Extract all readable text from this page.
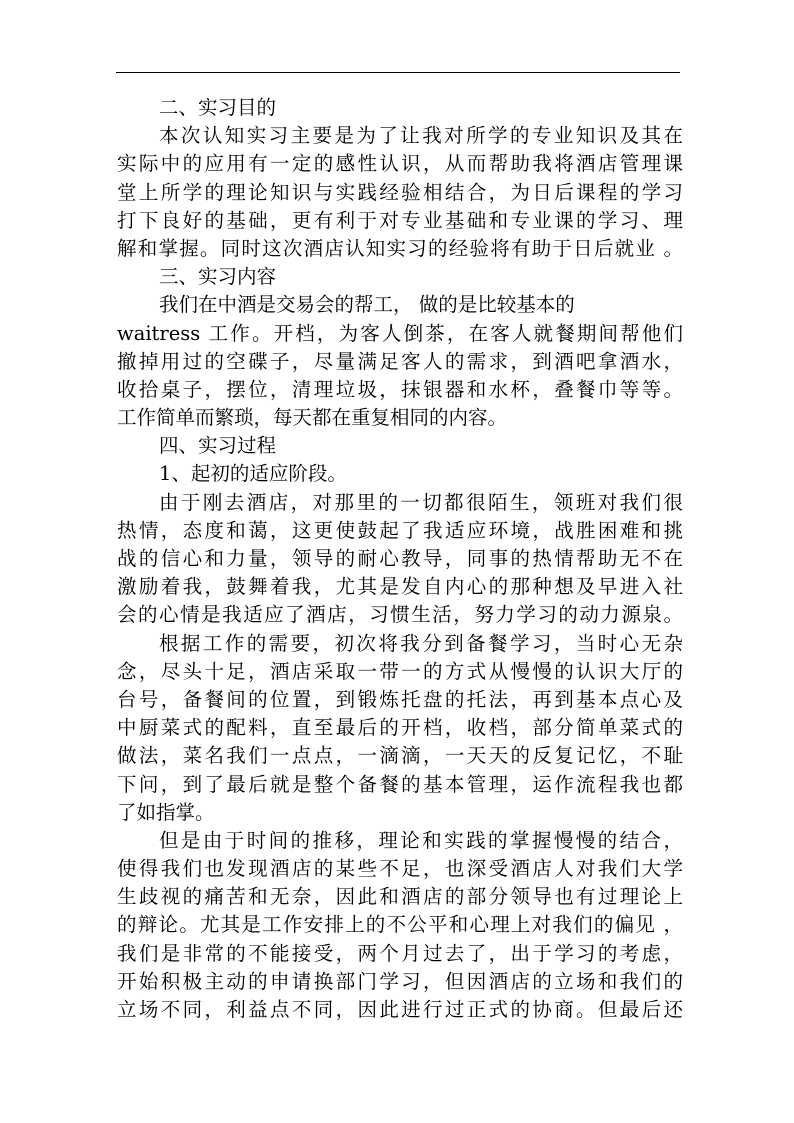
二、实习目的
本次认知实习主要是为了让我对所学的专业知识及其在
实际中的应用有一定的感性认识，从而帮助我将酒店管理课
堂上所学的理论知识与实践经验相结合，为日后课程的学习
打下良好的基础，更有利于对专业基础和专业课的学习、理
解和掌握。同时这次酒店认知实习的经验将有助于日后就业 。
三、实习内容
我们在中酒是交易会的帮工， 做的是比较基本的
waitress 工作。开档，为客人倒茶，在客人就餐期间帮他们
撤掉用过的空碟子，尽量满足客人的需求，到酒吧拿酒水，
收拾桌子，摆位，清理垃圾，抹银器和水杯，叠餐巾等等。
工作简单而繁琐，每天都在重复相同的内容。
四、实习过程
1、起初的适应阶段。
由于刚去酒店，对那里的一切都很陌生，领班对我们很
热情，态度和蔼，这更使鼓起了我适应环境，战胜困难和挑
战的信心和力量，领导的耐心教导，同事的热情帮助无不在
激励着我，鼓舞着我，尤其是发自内心的那种想及早进入社
会的心情是我适应了酒店，习惯生活，努力学习的动力源泉。
根据工作的需要，初次将我分到备餐学习，当时心无杂
念，尽头十足，酒店采取一带一的方式从慢慢的认识大厅的
台号，备餐间的位置，到锻炼托盘的托法，再到基本点心及
中厨菜式的配料，直至最后的开档，收档，部分简单菜式的
做法，菜名我们一点点，一滴滴，一天天的反复记忆，不耻
下问，到了最后就是整个备餐的基本管理，运作流程我也都
了如指掌。
但是由于时间的推移，理论和实践的掌握慢慢的结合，
使得我们也发现酒店的某些不足，也深受酒店人对我们大学
生歧视的痛苦和无奈，因此和酒店的部分领导也有过理论上
的辩论。尤其是工作安排上的不公平和心理上对我们的偏见 ，
我们是非常的不能接受，两个月过去了，出于学习的考虑，
开始积极主动的申请换部门学习，但因酒店的立场和我们的
立场不同，利益点不同，因此进行过正式的协商。但最后还
